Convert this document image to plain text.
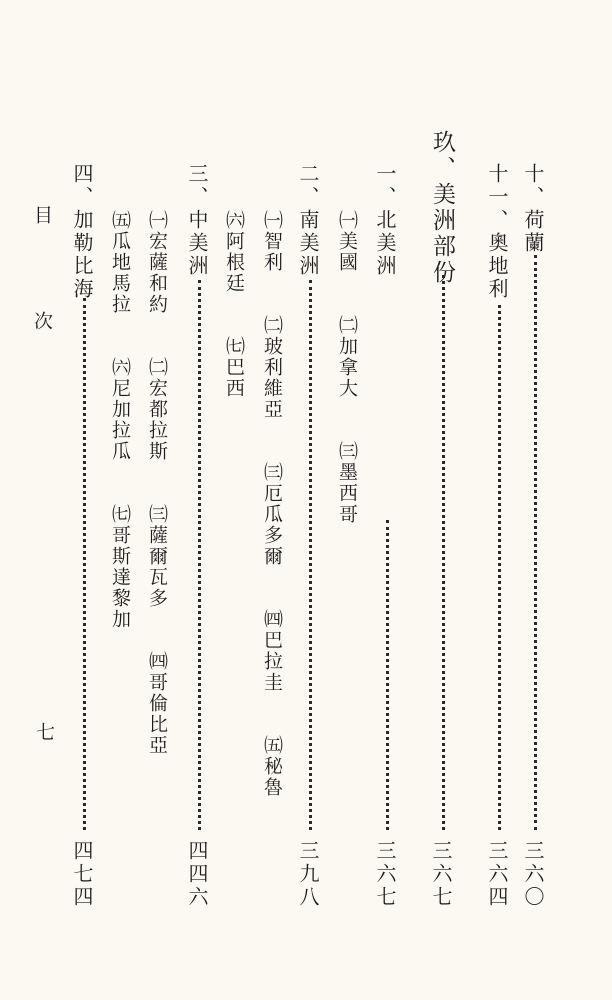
十、荷蘭
三六〇
十一、奧地利
三六四
玖、美洲部份
三六七
一、北美洲
㈠美國 ㈡加拿大 ㈢墨西哥
三六七
二、南美洲
㈠智利 ㈡玻利維亞 ㈢厄瓜多爾 ㈣巴拉圭 ㈤秘魯
㈥阿根廷 ㈦巴西
三九八
三、中美洲
㈠宏薩和約 ㈡宏都拉斯 ㈢薩爾瓦多 ㈣哥倫比亞
㈤瓜地馬拉 ㈥尼加拉瓜 ㈦哥斯達黎加
四四六
四、加勒比海
四七四
目　次
七
